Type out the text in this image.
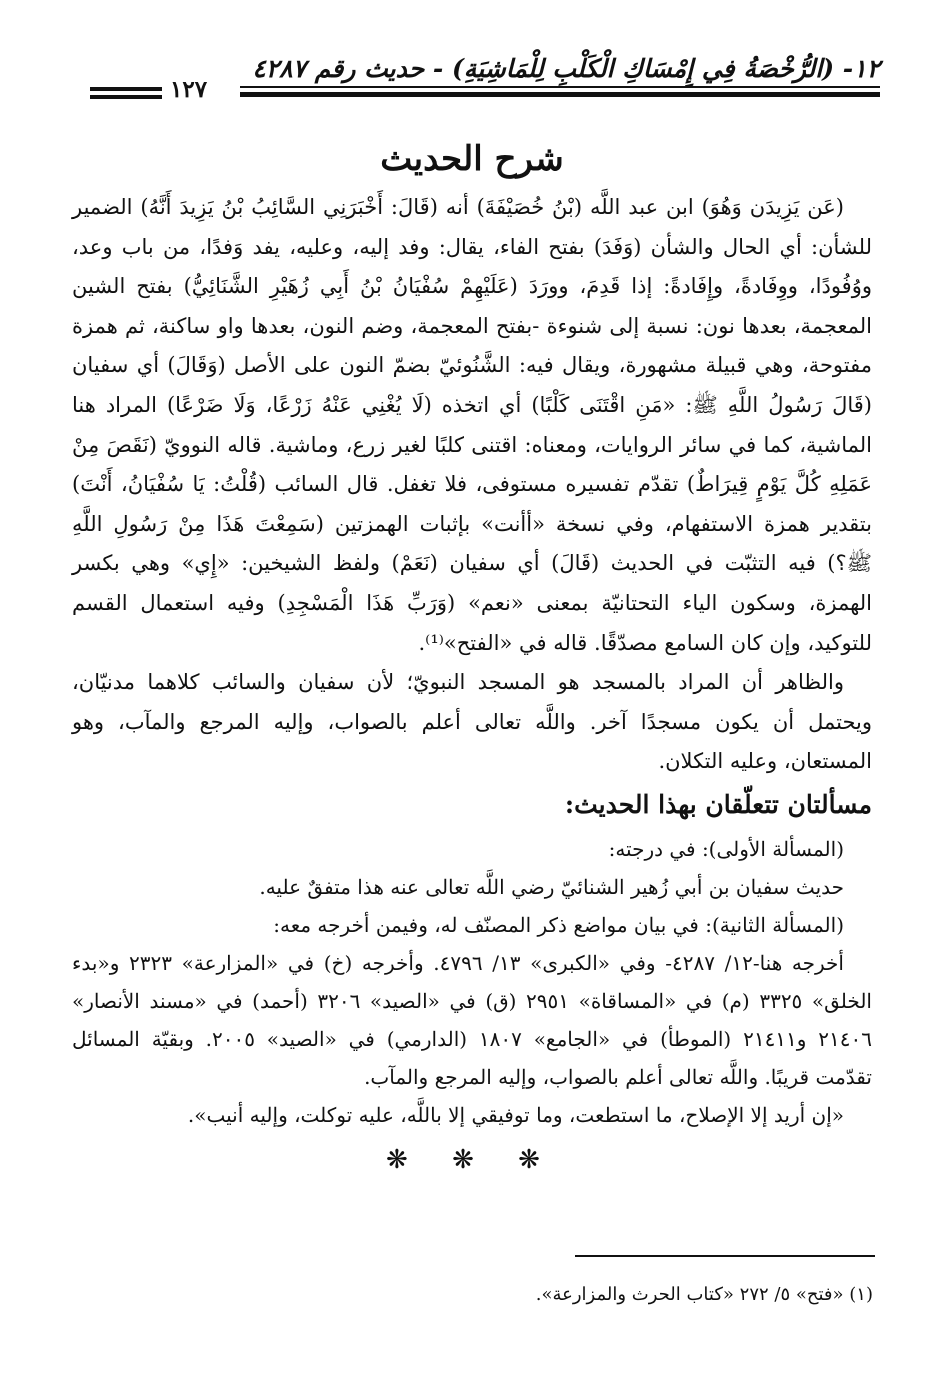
١٢- (الرُّخْصَةُ فِي إِمْسَاكِ الْكَلْبِ لِلْمَاشِيَةِ) - حديث رقم ٤٢٨٧
١٢٧
شرح الحديث

(عَن يَزِيدَن وَهُوَ) ابن عبد اللَّه (بْنُ خُصَيْفَةَ) أنه (قَالَ: أَخْبَرَنِي السَّائِبُ بْنُ يَزِيدَ أَنَّهُ) الضمير للشأن: أي الحال والشأن (وَفَدَ) بفتح الفاء، يقال: وفد إليه، وعليه، يفد وَفدًا، من باب وعد، ووُفُودًا، ووِفَادةً، وإِفَادةً: إذا قَدِمَ، وورَدَ (عَلَيْهِمْ سُفْيَانُ بْنُ أَبِي زُهَيْرِ الشَّنَائِيُّ) بفتح الشين المعجمة، بعدها نون: نسبة إلى شنوءة -بفتح المعجمة، وضم النون، بعدها واو ساكنة، ثم همزة مفتوحة، وهي قبيلة مشهورة، ويقال فيه: الشَّنُوئيّ بضمّ النون على الأصل (وَقَالَ) أي سفيان (قَالَ رَسُولُ اللَّهِ ﷺ: «مَنِ اقْتَنَى كَلْبًا) أي اتخذه (لَا يُغْنِي عَنْهُ زَرْعًا، وَلَا ضَرْعًا) المراد هنا الماشية، كما في سائر الروايات، ومعناه: اقتنى كلبًا لغير زرع، وماشية. قاله النوويّ (نَقَصَ مِنْ عَمَلِهِ كُلَّ يَوْمٍ قِيرَاطٌ) تقدّم تفسيره مستوفى، فلا تغفل. قال السائب (قُلْتُ: يَا سُفْيَانُ، أَنْتَ) بتقدير همزة الاستفهام، وفي نسخة «أأنت» بإثبات الهمزتين (سَمِعْتَ هَذَا مِنْ رَسُولِ اللَّهِ ﷺ؟) فيه التثبّت في الحديث (قَالَ) أي سفيان (نَعَمْ) ولفظ الشيخين: «إِي» وهي بكسر الهمزة، وسكون الياء التحتانيّة بمعنى «نعم» (وَرَبِّ هَذَا الْمَسْجِدِ) وفيه استعمال القسم للتوكيد، وإن كان السامع مصدّقًا. قاله في «الفتح»⁽¹⁾.

والظاهر أن المراد بالمسجد هو المسجد النبويّ؛ لأن سفيان والسائب كلاهما مدنيّان، ويحتمل أن يكون مسجدًا آخر. واللَّه تعالى أعلم بالصواب، وإليه المرجع والمآب، وهو المستعان، وعليه التكلان.

مسألتان تتعلّقان بهذا الحديث:

(المسألة الأولى): في درجته:

حديث سفيان بن أبي زُهير الشنائيّ رضي اللَّه تعالى عنه هذا متفقٌ عليه.

(المسألة الثانية): في بيان مواضع ذكر المصنّف له، وفيمن أخرجه معه:

أخرجه هنا-١٢/ ٤٢٨٧- وفي «الكبرى» ١٣/ ٤٧٩٦. وأخرجه (خ) في «المزارعة» ٢٣٢٣ و«بدء الخلق» ٣٣٢٥ (م) في «المساقاة» ٢٩٥١ (ق) في «الصيد» ٣٢٠٦ (أحمد) في «مسند الأنصار» ٢١٤٠٦ و٢١٤١١ (الموطأ) في «الجامع» ١٨٠٧ (الدارمي) في «الصيد» ٢٠٠٥. وبقيّة المسائل تقدّمت قريبًا. واللَّه تعالى أعلم بالصواب، وإليه المرجع والمآب.

«إن أريد إلا الإصلاح، ما استطعت، وما توفيقي إلا باللَّه، عليه توكلت، وإليه أنيب».

❋ ❋ ❋
(١) «فتح» ٥/ ٢٧٢ «كتاب الحرث والمزارعة».
